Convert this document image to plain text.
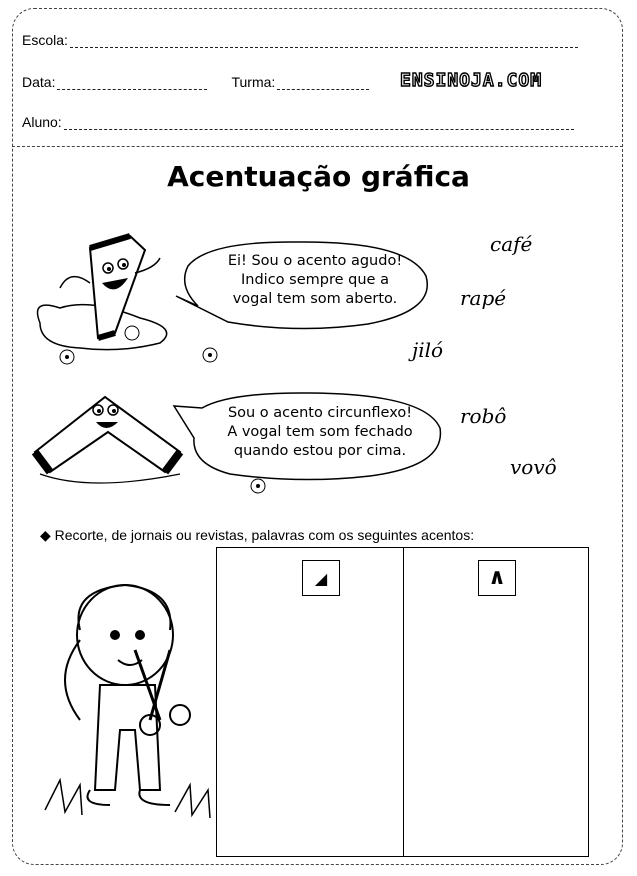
Escola:
Data:	Turma:	ENSINOJA.COM
Aluno:
Acentuação gráfica
Ei! Sou o acento agudo!
Indico sempre que a
vogal tem som aberto.
café
rapé
jiló
robô
vovô
Sou o acento circunflexo!
A vogal tem som fechado
quando estou por cima.
◆ Recorte, de jornais ou revistas, palavras com os seguintes acentos:
◢	∧
